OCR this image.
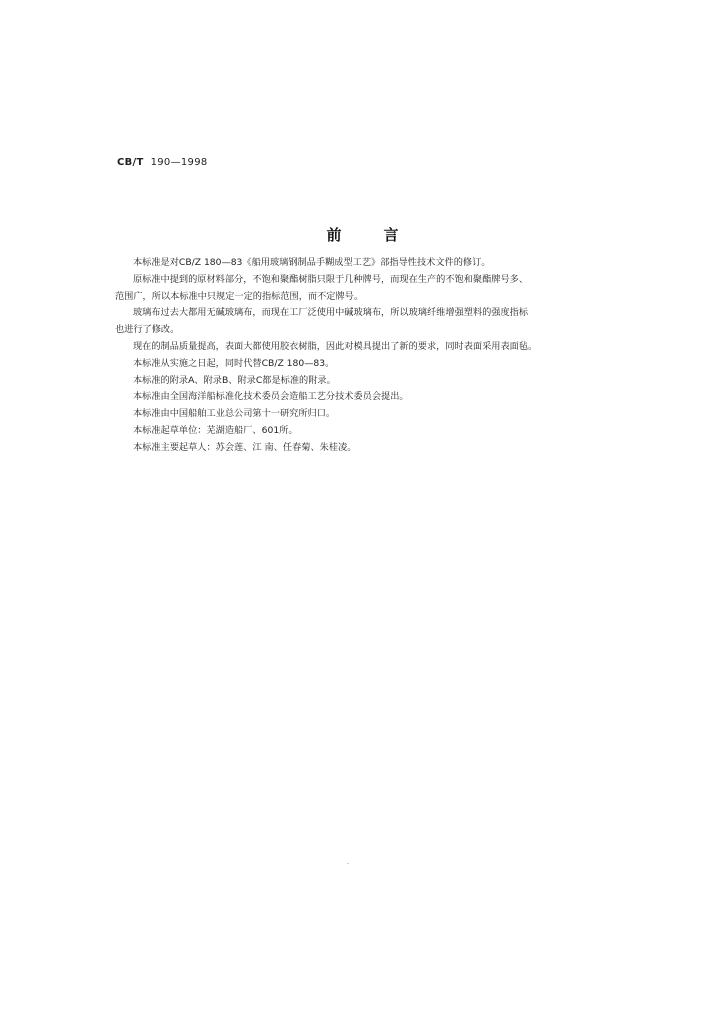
CB/T 190—1998
前言

本标准是对CB/Z 180—83《船用玻璃钢制品手糊成型工艺》部指导性技术文件的修订。

原标准中提到的原材料部分，不饱和聚酯树脂只限于几种牌号，而现在生产的不饱和聚酯牌号多、

范围广，所以本标准中只规定一定的指标范围，而不定牌号。

玻璃布过去大都用无碱玻璃布，而现在工厂泛使用中碱玻璃布，所以玻璃纤维增强塑料的强度指标

也进行了修改。

现在的制品质量提高，表面大都使用胶衣树脂，因此对模具提出了新的要求，同时表面采用表面毡。

本标准从实施之日起，同时代替CB/Z 180—83。

本标准的附录A、附录B、附录C都是标准的附录。

本标准由全国海洋船标准化技术委员会造船工艺分技术委员会提出。

本标准由中国船舶工业总公司第十一研究所归口。

本标准起草单位：芜湖造船厂、601所。

本标准主要起草人：苏会莲、江 南、任春菊、朱桂凌。
